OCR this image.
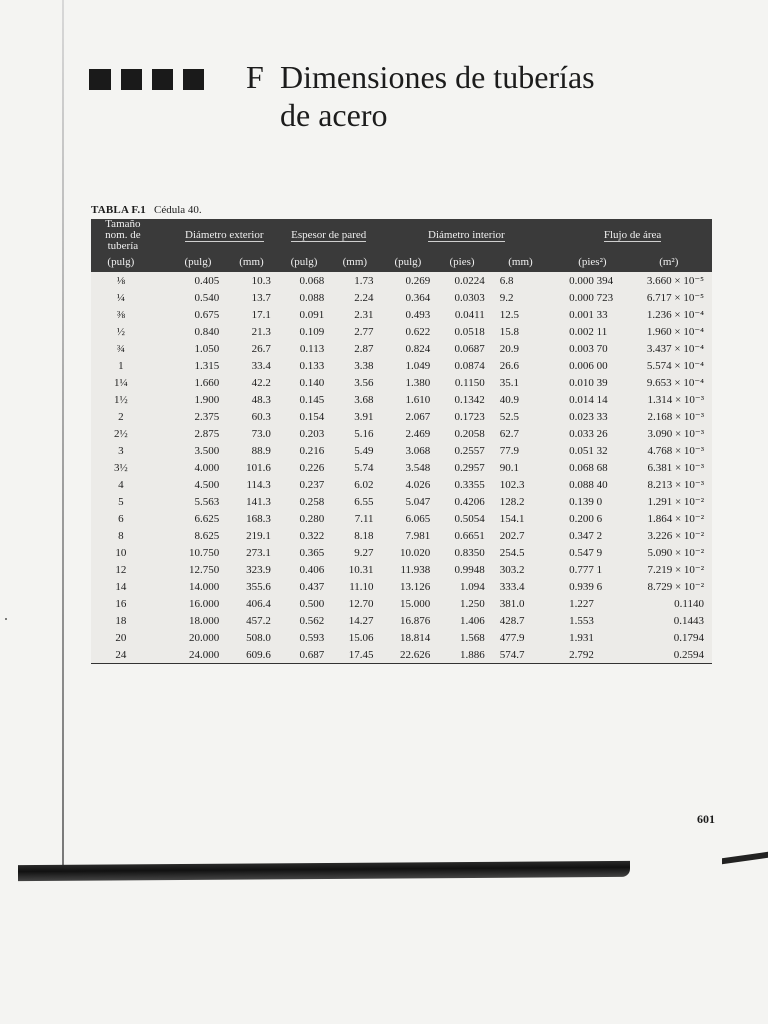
F Dimensiones de tuberías
de acero
TABLA F.1 Cédula 40.
Tamaño nom. de tubería	Diámetro exterior		Espesor de pared		Diámetro interior			Flujo de área	
(pulg)	(pulg)	(mm)	(pulg)	(mm)	(pulg)	(pies)	(mm)	(pies²)	(m²)
⅛	0.405	10.3	0.068	1.73	0.269	0.0224	6.8	0.000 394	3.660 × 10⁻⁵
¼	0.540	13.7	0.088	2.24	0.364	0.0303	9.2	0.000 723	6.717 × 10⁻⁵
⅜	0.675	17.1	0.091	2.31	0.493	0.0411	12.5	0.001 33	1.236 × 10⁻⁴
½	0.840	21.3	0.109	2.77	0.622	0.0518	15.8	0.002 11	1.960 × 10⁻⁴
¾	1.050	26.7	0.113	2.87	0.824	0.0687	20.9	0.003 70	3.437 × 10⁻⁴
1	1.315	33.4	0.133	3.38	1.049	0.0874	26.6	0.006 00	5.574 × 10⁻⁴
1¼	1.660	42.2	0.140	3.56	1.380	0.1150	35.1	0.010 39	9.653 × 10⁻⁴
1½	1.900	48.3	0.145	3.68	1.610	0.1342	40.9	0.014 14	1.314 × 10⁻³
2	2.375	60.3	0.154	3.91	2.067	0.1723	52.5	0.023 33	2.168 × 10⁻³
2½	2.875	73.0	0.203	5.16	2.469	0.2058	62.7	0.033 26	3.090 × 10⁻³
3	3.500	88.9	0.216	5.49	3.068	0.2557	77.9	0.051 32	4.768 × 10⁻³
3½	4.000	101.6	0.226	5.74	3.548	0.2957	90.1	0.068 68	6.381 × 10⁻³
4	4.500	114.3	0.237	6.02	4.026	0.3355	102.3	0.088 40	8.213 × 10⁻³
5	5.563	141.3	0.258	6.55	5.047	0.4206	128.2	0.139 0	1.291 × 10⁻²
6	6.625	168.3	0.280	7.11	6.065	0.5054	154.1	0.200 6	1.864 × 10⁻²
8	8.625	219.1	0.322	8.18	7.981	0.6651	202.7	0.347 2	3.226 × 10⁻²
10	10.750	273.1	0.365	9.27	10.020	0.8350	254.5	0.547 9	5.090 × 10⁻²
12	12.750	323.9	0.406	10.31	11.938	0.9948	303.2	0.777 1	7.219 × 10⁻²
14	14.000	355.6	0.437	11.10	13.126	1.094	333.4	0.939 6	8.729 × 10⁻²
16	16.000	406.4	0.500	12.70	15.000	1.250	381.0	1.227	0.1140
18	18.000	457.2	0.562	14.27	16.876	1.406	428.7	1.553	0.1443
20	20.000	508.0	0.593	15.06	18.814	1.568	477.9	1.931	0.1794
24	24.000	609.6	0.687	17.45	22.626	1.886	574.7	2.792	0.2594
601
